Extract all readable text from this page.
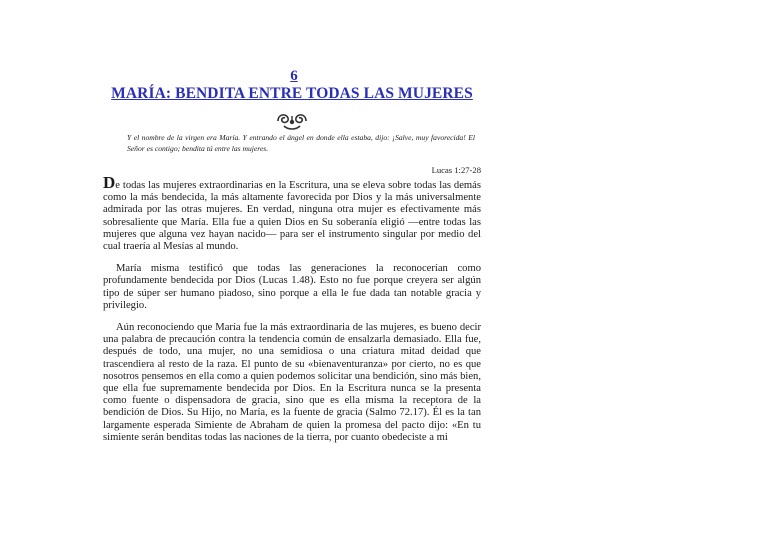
6
MARÍA: BENDITA ENTRE TODAS LAS MUJERES

Y el nombre de la virgen era María. Y entrando el ángel en donde ella estaba, dijo: ¡Salve, muy favorecida! El Señor es contigo; bendita tú entre las mujeres.

Lucas 1:27-28

De todas las mujeres extraordinarias en la Escritura, una se eleva sobre todas las demás como la más bendecida, la más altamente favorecida por Dios y la más universalmente admirada por las otras mujeres. En verdad, ninguna otra mujer es efectivamente más sobresaliente que María. Ella fue a quien Dios en Su soberanía eligió —entre todas las mujeres que alguna vez hayan nacido— para ser el instrumento singular por medio del cual traería al Mesías al mundo.

María misma testificó que todas las generaciones la reconocerían como profundamente bendecida por Dios (Lucas 1.48). Esto no fue porque creyera ser algún tipo de súper ser humano piadoso, sino porque a ella le fue dada tan notable gracia y privilegio.

Aún reconociendo que María fue la más extraordinaria de las mujeres, es bueno decir una palabra de precaución contra la tendencia común de ensalzarla demasiado. Ella fue, después de todo, una mujer, no una semidiosa o una criatura mitad deidad que trascendiera al resto de la raza. El punto de su «bienaventuranza» por cierto, no es que nosotros pensemos en ella como a quien podemos solicitar una bendición, sino más bien, que ella fue supremamente bendecida por Dios. En la Escritura nunca se la presenta como fuente o dispensadora de gracia, sino que es ella misma la receptora de la bendición de Dios. Su Hijo, no María, es la fuente de gracia (Salmo 72.17). Él es la tan largamente esperada Simiente de Abraham de quien la promesa del pacto dijo: «En tu simiente serán benditas todas las naciones de la tierra, por cuanto obedeciste a mi
